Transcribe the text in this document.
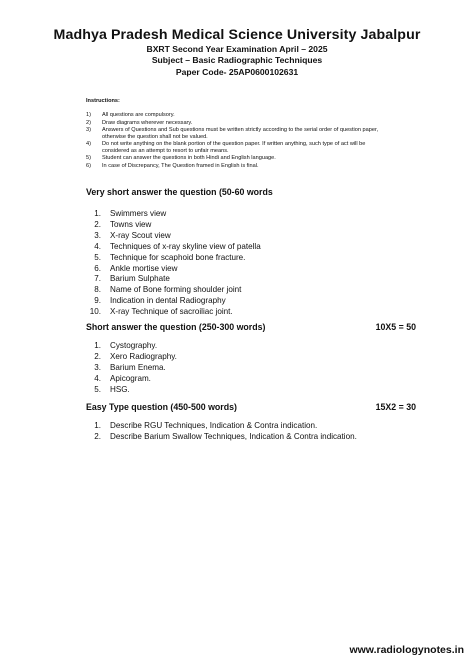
Madhya Pradesh Medical Science University Jabalpur
BXRT Second Year Examination April – 2025
Subject – Basic Radiographic Techniques
Paper Code- 25AP0600102631
Instructions:
1)	All questions are compulsory.
2)	Draw diagrams wherever necessary.
3)	Answers of Questions and Sub questions must be written strictly according to the serial order of question paper, otherwise the question shall not be valued.
4)	Do not write anything on the blank portion of the question paper. If written anything, such type of act will be considered as an attempt to resort to unfair means.
5)	Student can answer the questions in both Hindi and English language.
6)	In case of Discrepancy, The Question framed in English is final.
Very short answer the question (50-60 words
1. Swimmers view
2. Towns view
3. X-ray Scout view
4. Techniques of x-ray skyline view of patella
5. Technique for scaphoid bone fracture.
6. Ankle mortise view
7. Barium Sulphate
8. Name of Bone forming shoulder joint
9. Indication in dental Radiography
10. X-ray Technique of sacroiliac joint.
Short answer the question (250-300 words)	10X5 = 50
1. Cystography.
2. Xero Radiography.
3. Barium Enema.
4. Apicogram.
5. HSG.
Easy Type question (450-500 words)	15X2 = 30
1. Describe RGU Techniques, Indication & Contra indication.
2. Describe Barium Swallow Techniques, Indication & Contra indication.
www.radiologynotes.in
